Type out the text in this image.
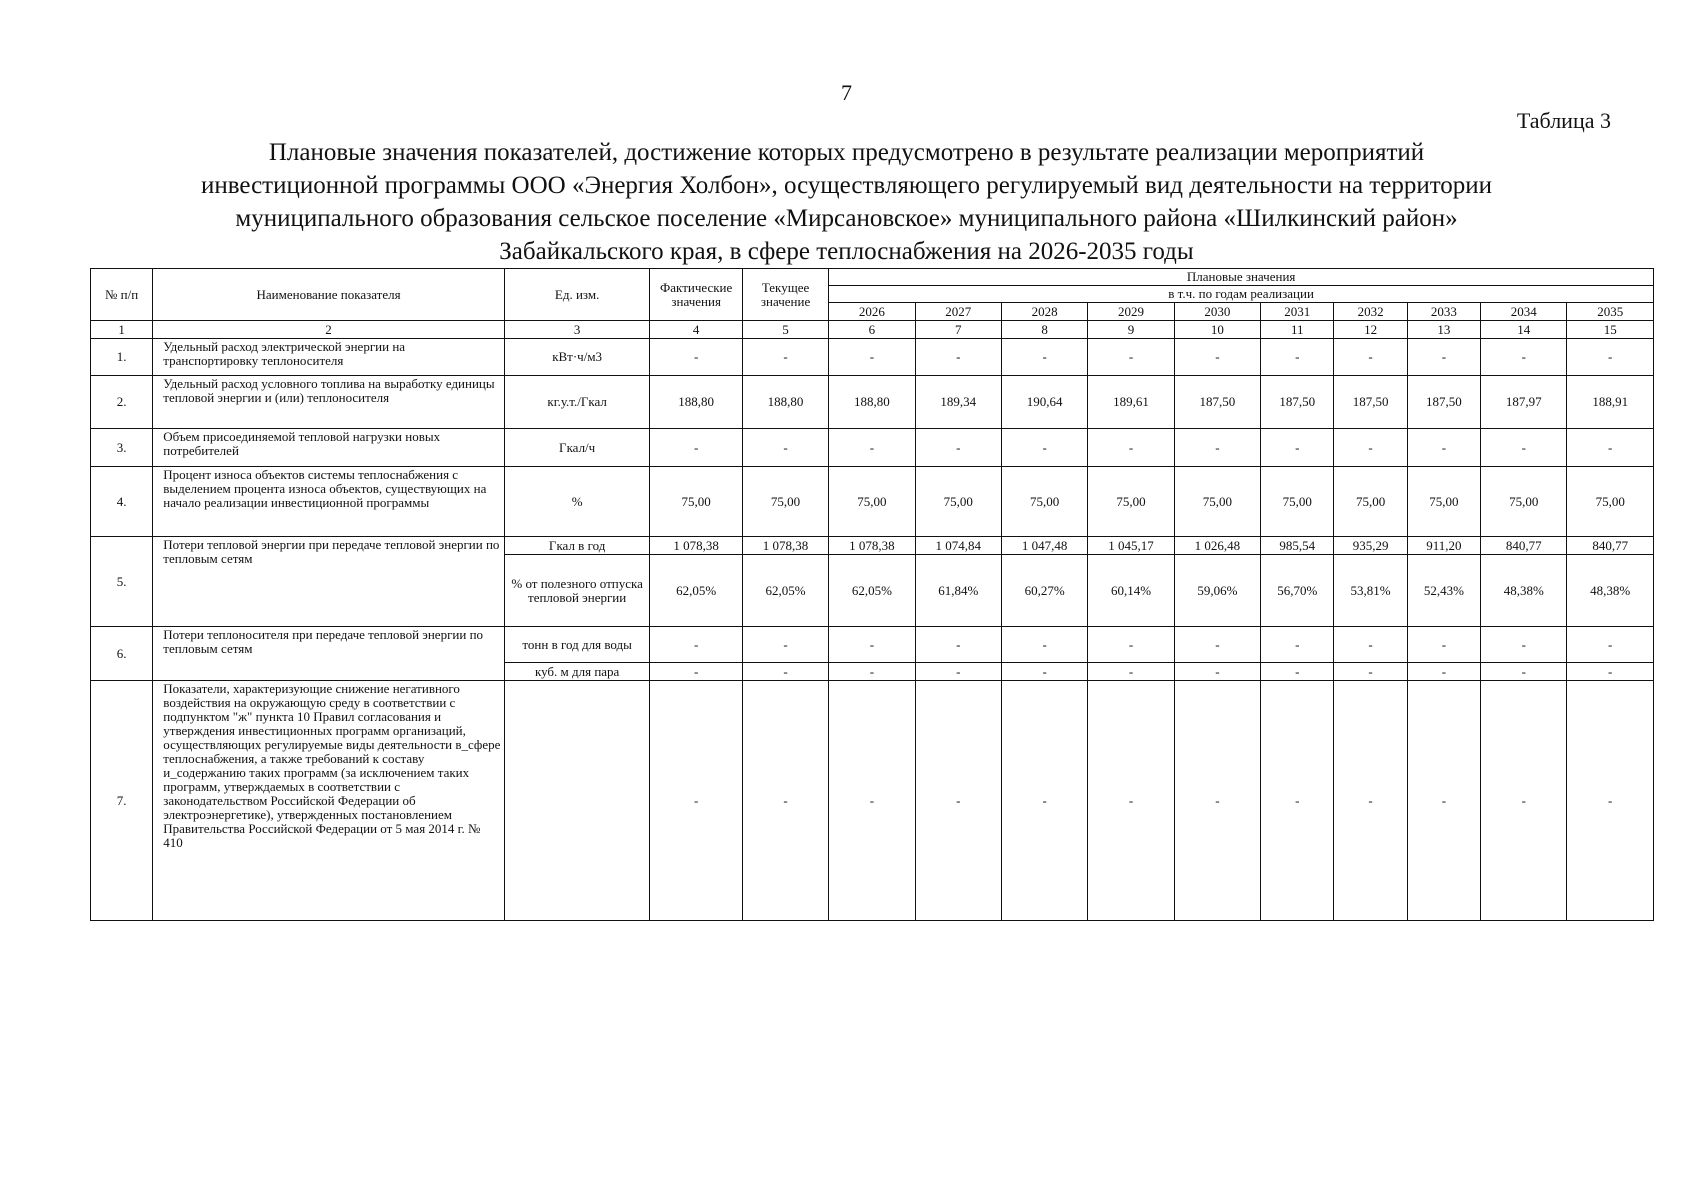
7
Таблица 3
Плановые значения показателей, достижение которых предусмотрено в результате реализации мероприятий
инвестиционной программы ООО «Энергия Холбон», осуществляющего регулируемый вид деятельности на территории
муниципального образования сельское поселение «Мирсановское» муниципального района «Шилкинский район»
Забайкальского края, в сфере теплоснабжения на 2026-2035 годы
№ п/п	Наименование показателя	Ед. изм.	Фактические значения	Текущее значение	Плановые значения									
					в т.ч. по годам реализации									
					2026	2027	2028	2029	2030	2031	2032	2033	2034	2035
1	2	3	4	5	6	7	8	9	10	11	12	13	14	15
1.	Удельный расход электрической энергии на транспортировку теплоносителя	кВт·ч/м3	-	-	-	-	-	-	-	-	-	-	-	-
2.	Удельный расход условного топлива на выработку единицы тепловой энергии и (или) теплоносителя	кг.у.т./Гкал	188,80	188,80	188,80	189,34	190,64	189,61	187,50	187,50	187,50	187,50	187,97	188,91
3.	Объем присоединяемой тепловой нагрузки новых потребителей	Гкал/ч	-	-	-	-	-	-	-	-	-	-	-	-
4.	Процент износа объектов системы теплоснабжения с выделением процента износа объектов, существующих на начало реализации инвестиционной программы	%	75,00	75,00	75,00	75,00	75,00	75,00	75,00	75,00	75,00	75,00	75,00	75,00
5.	Потери тепловой энергии при передаче тепловой энергии по тепловым сетям	Гкал в год	1 078,38	1 078,38	1 078,38	1 074,84	1 047,48	1 045,17	1 026,48	985,54	935,29	911,20	840,77	840,77
		% от полезного отпуска тепловой энергии	62,05%	62,05%	62,05%	61,84%	60,27%	60,14%	59,06%	56,70%	53,81%	52,43%	48,38%	48,38%
6.	Потери теплоносителя при передаче тепловой энергии по тепловым сетям	тонн в год для воды	-	-	-	-	-	-	-	-	-	-	-	-
		куб. м для пара	-	-	-	-	-	-	-	-	-	-	-	-
7.	Показатели, характеризующие снижение негативного воздействия на окружающую среду в соответствии с подпунктом "ж" пункта 10 Правил согласования и утверждения инвестиционных программ организаций, осуществляющих регулируемые виды деятельности в_сфере теплоснабжения, а также требований к составу и_содержанию таких программ (за исключением таких программ, утверждаемых в соответствии с законодательством Российской Федерации об электроэнергетике), утвержденных постановлением Правительства Российской Федерации от 5 мая 2014 г. № 410		-	-	-	-	-	-	-	-	-	-	-	-
